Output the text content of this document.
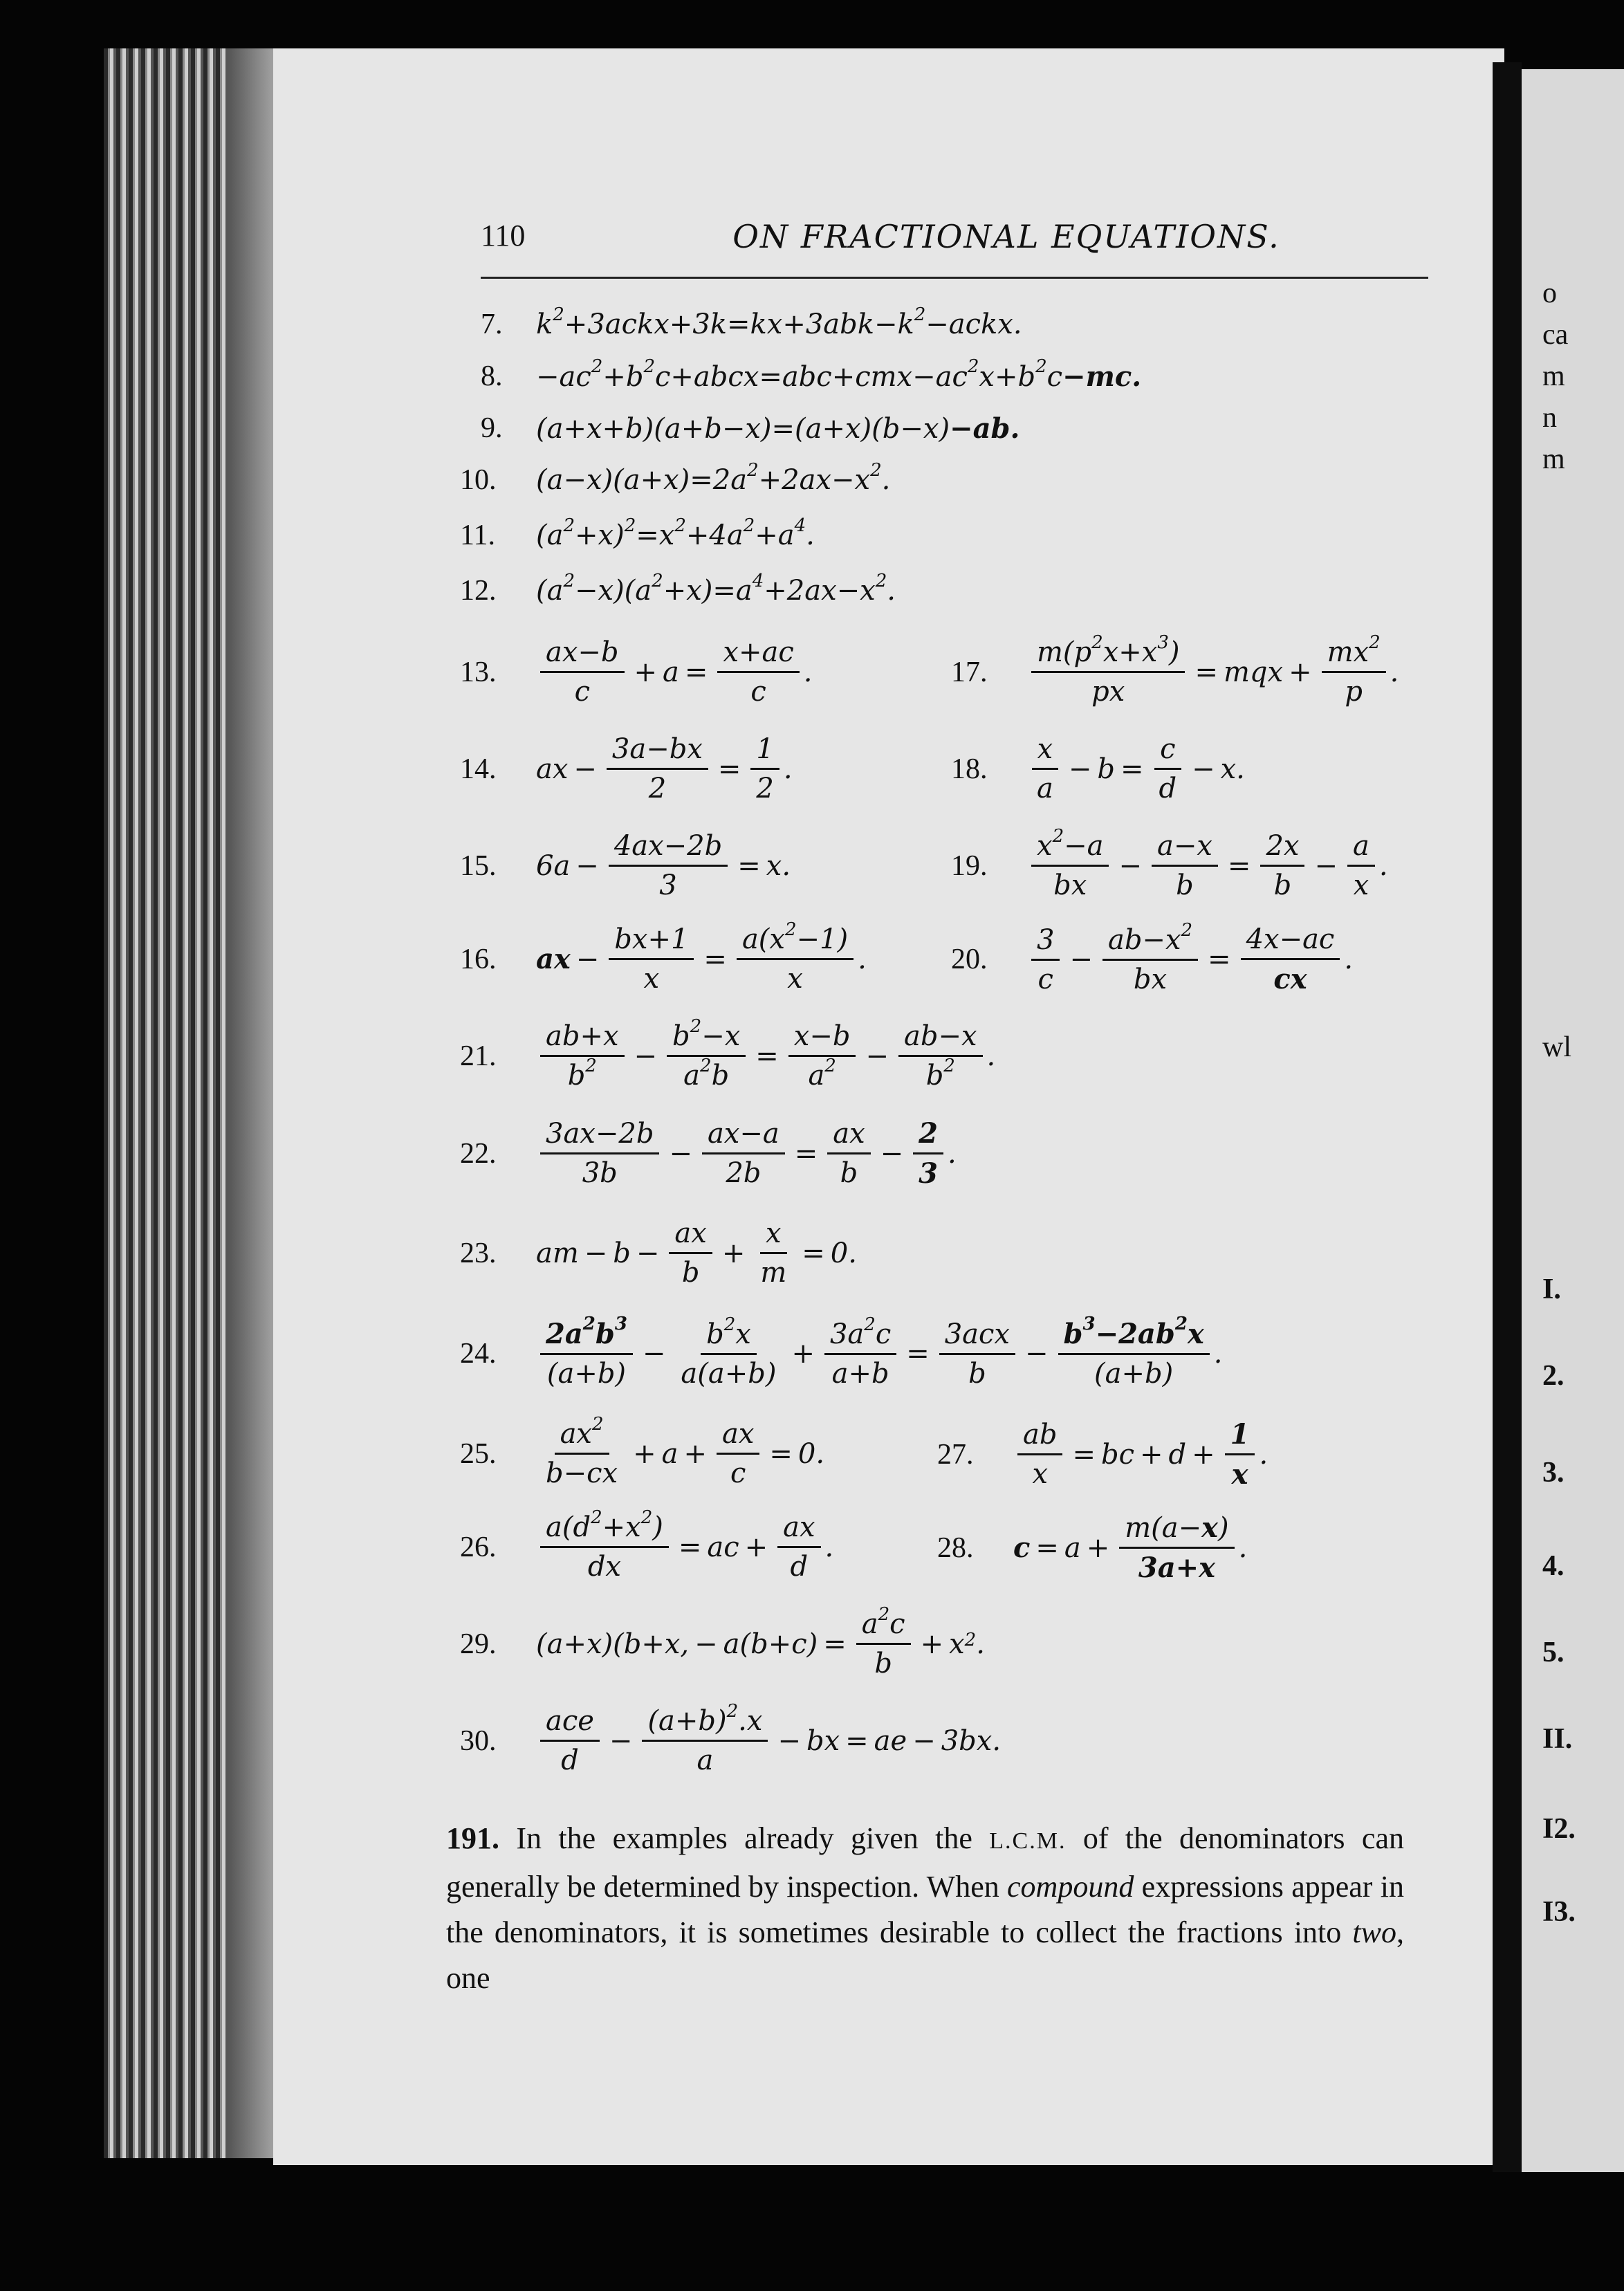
110	ON FRACTIONAL EQUATIONS.
7.	$k^2+3ackx+3k=kx+3abk-k^2-ackx$.
8.	$-ac^2+b^2c+abcx=abc+cmx-ac^2x+b^2c-mc$.
9.	(a+x+b)(a+b−x)=(a+x)(b−x)−ab.
10.	$(a-x)(a+x)=2a^2+2ax-x^2$.
11.	$(a^2+x)^2=x^2+4a^2+a^4$.
12.	$(a^2-x)(a^2+x)=a^4+2ax-x^2$.
13.	$\frac{ax-b}{c} + a = \frac{x+ac}{c}$ .	17.	$\frac{m(p^2x+x^3)}{px}$ = mqx + $\frac{mx^2}{p}$ .
14.	ax − $\frac{3a-bx}{2} = \frac{1}{2}$ .	18.	$\frac{x}{a} - b = \frac{c}{d} - x$.
15.	$6a - \frac{4ax-2b}{3} = x$.	19.	$\frac{x^2-a}{bx} - \frac{a-x}{b} = \frac{2x}{b} - \frac{a}{x}$ .
16.	ax − $\frac{bx+1}{x} = \frac{a(x^2-1)}{x}$ .	20.	$\frac{3}{c} - \frac{ab-x^2}{bx} = \frac{4x-ac}{cx}$ .
21.	$\frac{ab+x}{b^2} - \frac{b^2-x}{a^2b} = \frac{x-b}{a^2} - \frac{ab-x}{b^2}$ .
22.	$\frac{3ax-2b}{3b} - \frac{ax-a}{2b} = \frac{ax}{b} - \frac{2}{3}$ .
23.	am − $b - \frac{ax}{b} + \frac{x}{m} = 0$.
24.	$\frac{2a^2b^3}{(a+b)} - \frac{b^2x}{a(a+b)} + \frac{3a^2c}{a+b} = \frac{\text{3acx}}{b} - \frac{b^3-2ab^2x}{(a+b)}$ .
25.	$\frac{ax^2}{b-cx} + a + \frac{ax}{c} = 0$.	27.	$\frac{ab}{x}$ = bc + $d + \frac{1}{x}$ .
26.	$\frac{a(d^2+x^2)}{dx}$ = ac + $\frac{ax}{d}$ .	28.	$c = a + \frac{m(a-x)}{3a+x}$ .
29.	(a+x)(b+x, − $a(b+c) = \frac{a^2c}{b} + x^2$ .
30.	$\frac{\text{ace}}{d} - \frac{(a+b)^2.x}{a}$ − bx = ae − 3bx.
191. In the examples already given the L.C.M. of the denominators can generally be determined by inspection. When compound expressions appear in the denominators, it is sometimes desirable to collect the fractions into two, one
o
ca
m
n
m
wl
I.
2.
3.
4.
5.
II.
I2.
I3.
